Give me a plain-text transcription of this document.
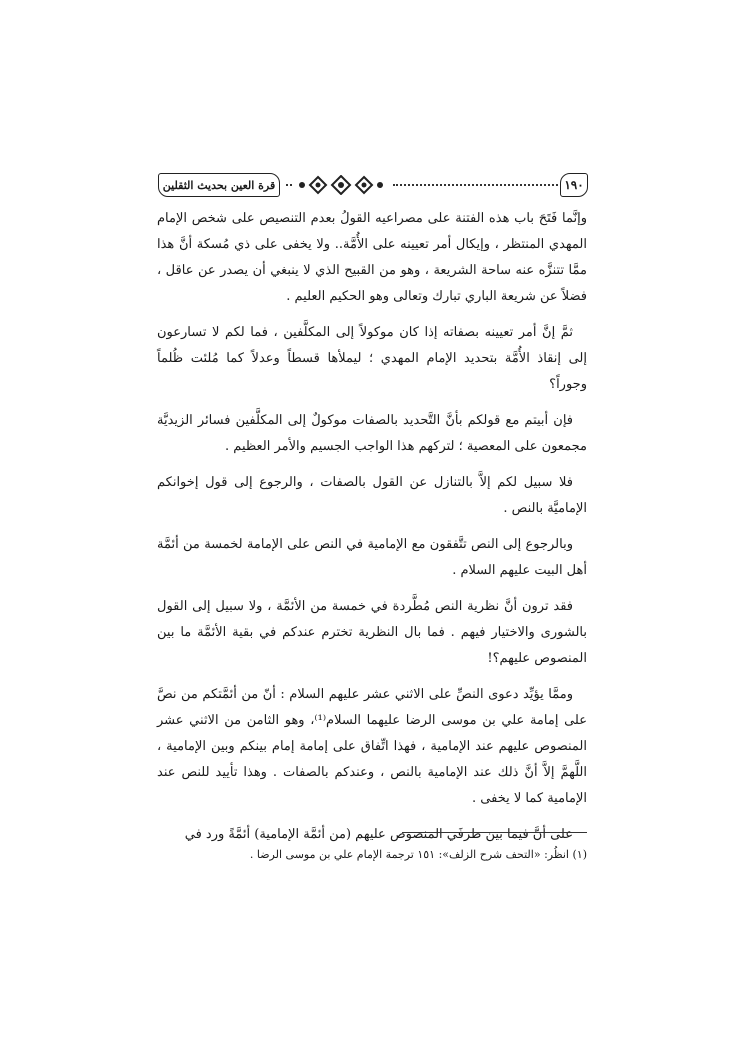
١٩٠
قرة العين بحديث الثقلين

وإنَّما فَتَحَ باب هذه الفتنة على مصراعيه القولُ بعدم التنصيص على شخص الإمام المهدي المنتظر ، وإيكال أمر تعيينه على الأُمَّة.. ولا يخفى على ذي مُسكة أنَّ هذا ممَّا تتنزَّه عنه ساحة الشريعة ، وهو من القبيح الذي لا ينبغي أن يصدر عن عاقل ، فضلاً عن شريعة الباري تبارك وتعالى وهو الحكيم العليم .

ثمَّ إنَّ أمر تعيينه بصفاته إذا كان موكولاً إلى المكلَّفين ، فما لكم لا تسارعون إلى إنقاذ الأُمَّة بتحديد الإمام المهدي ؛ ليملأها قسطاً وعدلاً كما مُلئت ظُلماً وجوراً؟

فإن أبيتم مع قولكم بأنَّ التَّحديد بالصفات موكولٌ إلى المكلَّفين فسائر الزيديَّة مجمعون على المعصية ؛ لتركهم هذا الواجب الجسيم والأمر العظيم .

فلا سبيل لكم إلاَّ بالتنازل عن القول بالصفات ، والرجوع إلى قول إخوانكم الإماميَّة بالنص .

وبالرجوع إلى النص تتَّفقون مع الإمامية في النص على الإمامة لخمسة من أئمَّة أهل البيت عليهم السلام .

فقد ترون أنَّ نظرية النص مُطَّردة في خمسة من الأئمَّة ، ولا سبيل إلى القول بالشورى والاختيار فيهم . فما بال النظرية تخترم عندكم في بقية الأئمَّة ما بين المنصوص عليهم؟!

وممَّا يؤيِّد دعوى النصِّ على الاثني عشر عليهم السلام : أنّ من أئمَّتكم من نصَّ على إمامة علي بن موسى الرضا عليهما السلام⁽¹⁾، وهو الثامن من الاثني عشر المنصوص عليهم عند الإمامية ، فهذا اتِّفاق على إمامة إمام بينكم وبين الإمامية ، اللَّهمَّ إلاَّ أنَّ ذلك عند الإمامية بالنص ، وعندكم بالصفات . وهذا تأييد للنص عند الإمامية كما لا يخفى .

على أنَّ فيما بين طرفَي المنصوص عليهم (من أئمَّة الإمامية) أئمَّةً ورد في

(١) انظُر: «التحف شرح الزلف»: ١٥١ ترجمة الإمام علي بن موسى الرضا .
